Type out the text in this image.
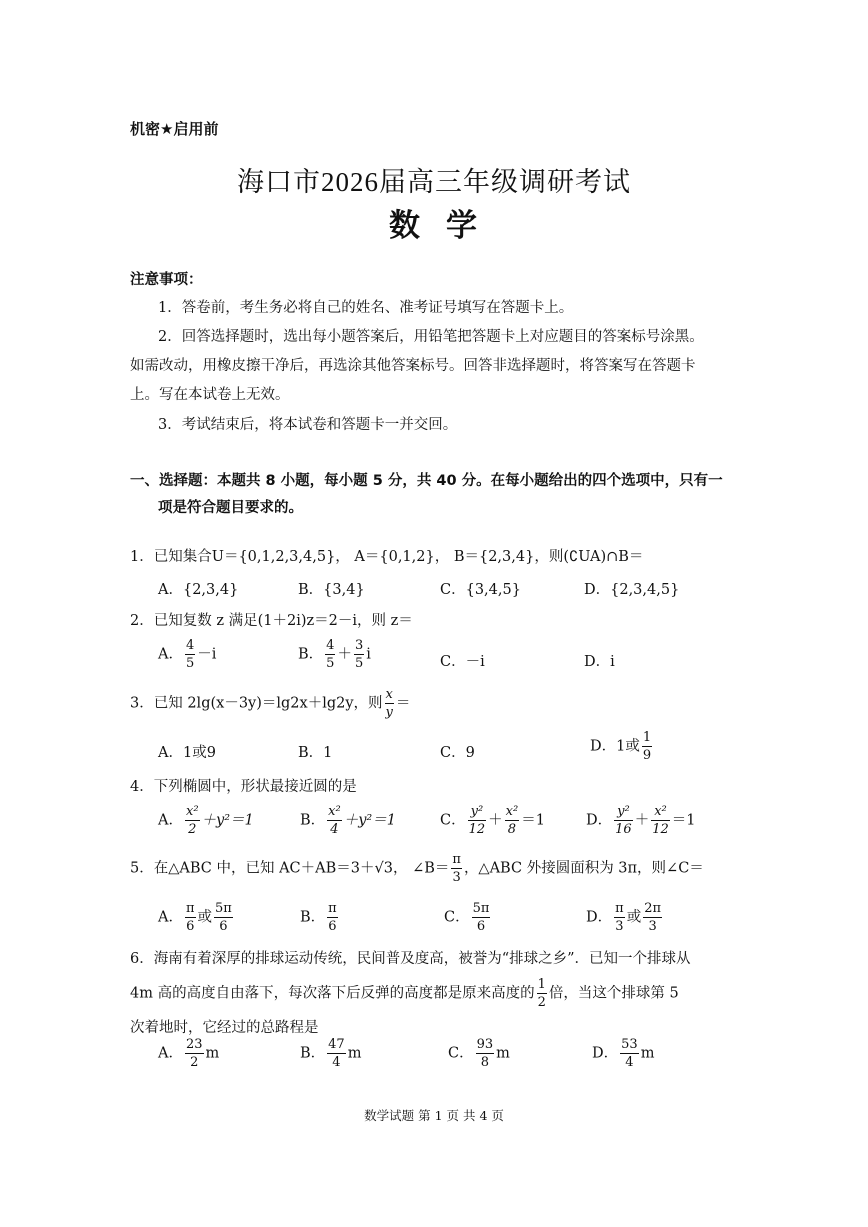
机密★启用前
海口市2026届高三年级调研考试
数学
注意事项：
1．答卷前，考生务必将自己的姓名、准考证号填写在答题卡上。
2．回答选择题时，选出每小题答案后，用铅笔把答题卡上对应题目的答案标号涂黑。
如需改动，用橡皮擦干净后，再选涂其他答案标号。回答非选择题时，将答案写在答题卡
上。写在本试卷上无效。
3．考试结束后，将本试卷和答题卡一并交回。
一、选择题：本题共 8 小题，每小题 5 分，共 40 分。在每小题给出的四个选项中，只有一
项是符合题目要求的。
1．已知集合U＝{0,1,2,3,4,5}， A＝{0,1,2}， B＝{2,3,4}，则(∁UA)∩B＝
A．{2,3,4}	B．{3,4}	C．{3,4,5}	D．{2,3,4,5}
2．已知复数 z 满足(1＋2i)z＝2－i，则 z＝
A． $\frac{4}{5} -i$	B． $\frac{4}{5} + \frac{3}{5}$ i	C．－i	D．i
3．已知 2lg(x－3y)＝lg2x＋lg2y，则 $\frac{x}{y}$ ＝
A．1或9	B．1	C．9	D．1或 $\frac{1}{9}$
4．下列椭圆中，形状最接近圆的是
A． $\frac{\text{x²}}{2} +y^2=1$	B． $\frac{\text{x²}}{4} +y^2=1$	C． $\frac{\text{y²}}{12} + \frac{\text{x²}}{8} =1$	D． $\frac{\text{y²}}{16} + \frac{\text{x²}}{12} =1$
5．在△ABC 中，已知 AC＋AB＝3＋√3， ∠B＝ $\frac{\pi}{3}$ ，△ABC 外接圆面积为 3π，则∠C＝
A． $\frac{\pi}{6}$ 或 $\frac{5\pi}{6}$	B． $\frac{\pi}{6}$	C． $\frac{5\pi}{6}$	D． $\frac{\pi}{3}$ 或 $\frac{2\pi}{3}$
6．海南有着深厚的排球运动传统，民间普及度高，被誉为“排球之乡”．已知一个排球从
4m 高的高度自由落下，每次落下后反弹的高度都是原来高度的 $\frac{1}{2}$ 倍，当这个排球第 5
次着地时，它经过的总路程是
A． $\frac{23}{2}$ m	B． $\frac{47}{4}$ m	C． $\frac{93}{8}$ m	D． $\frac{53}{4}$ m
数学试题 第 1 页 共 4 页
